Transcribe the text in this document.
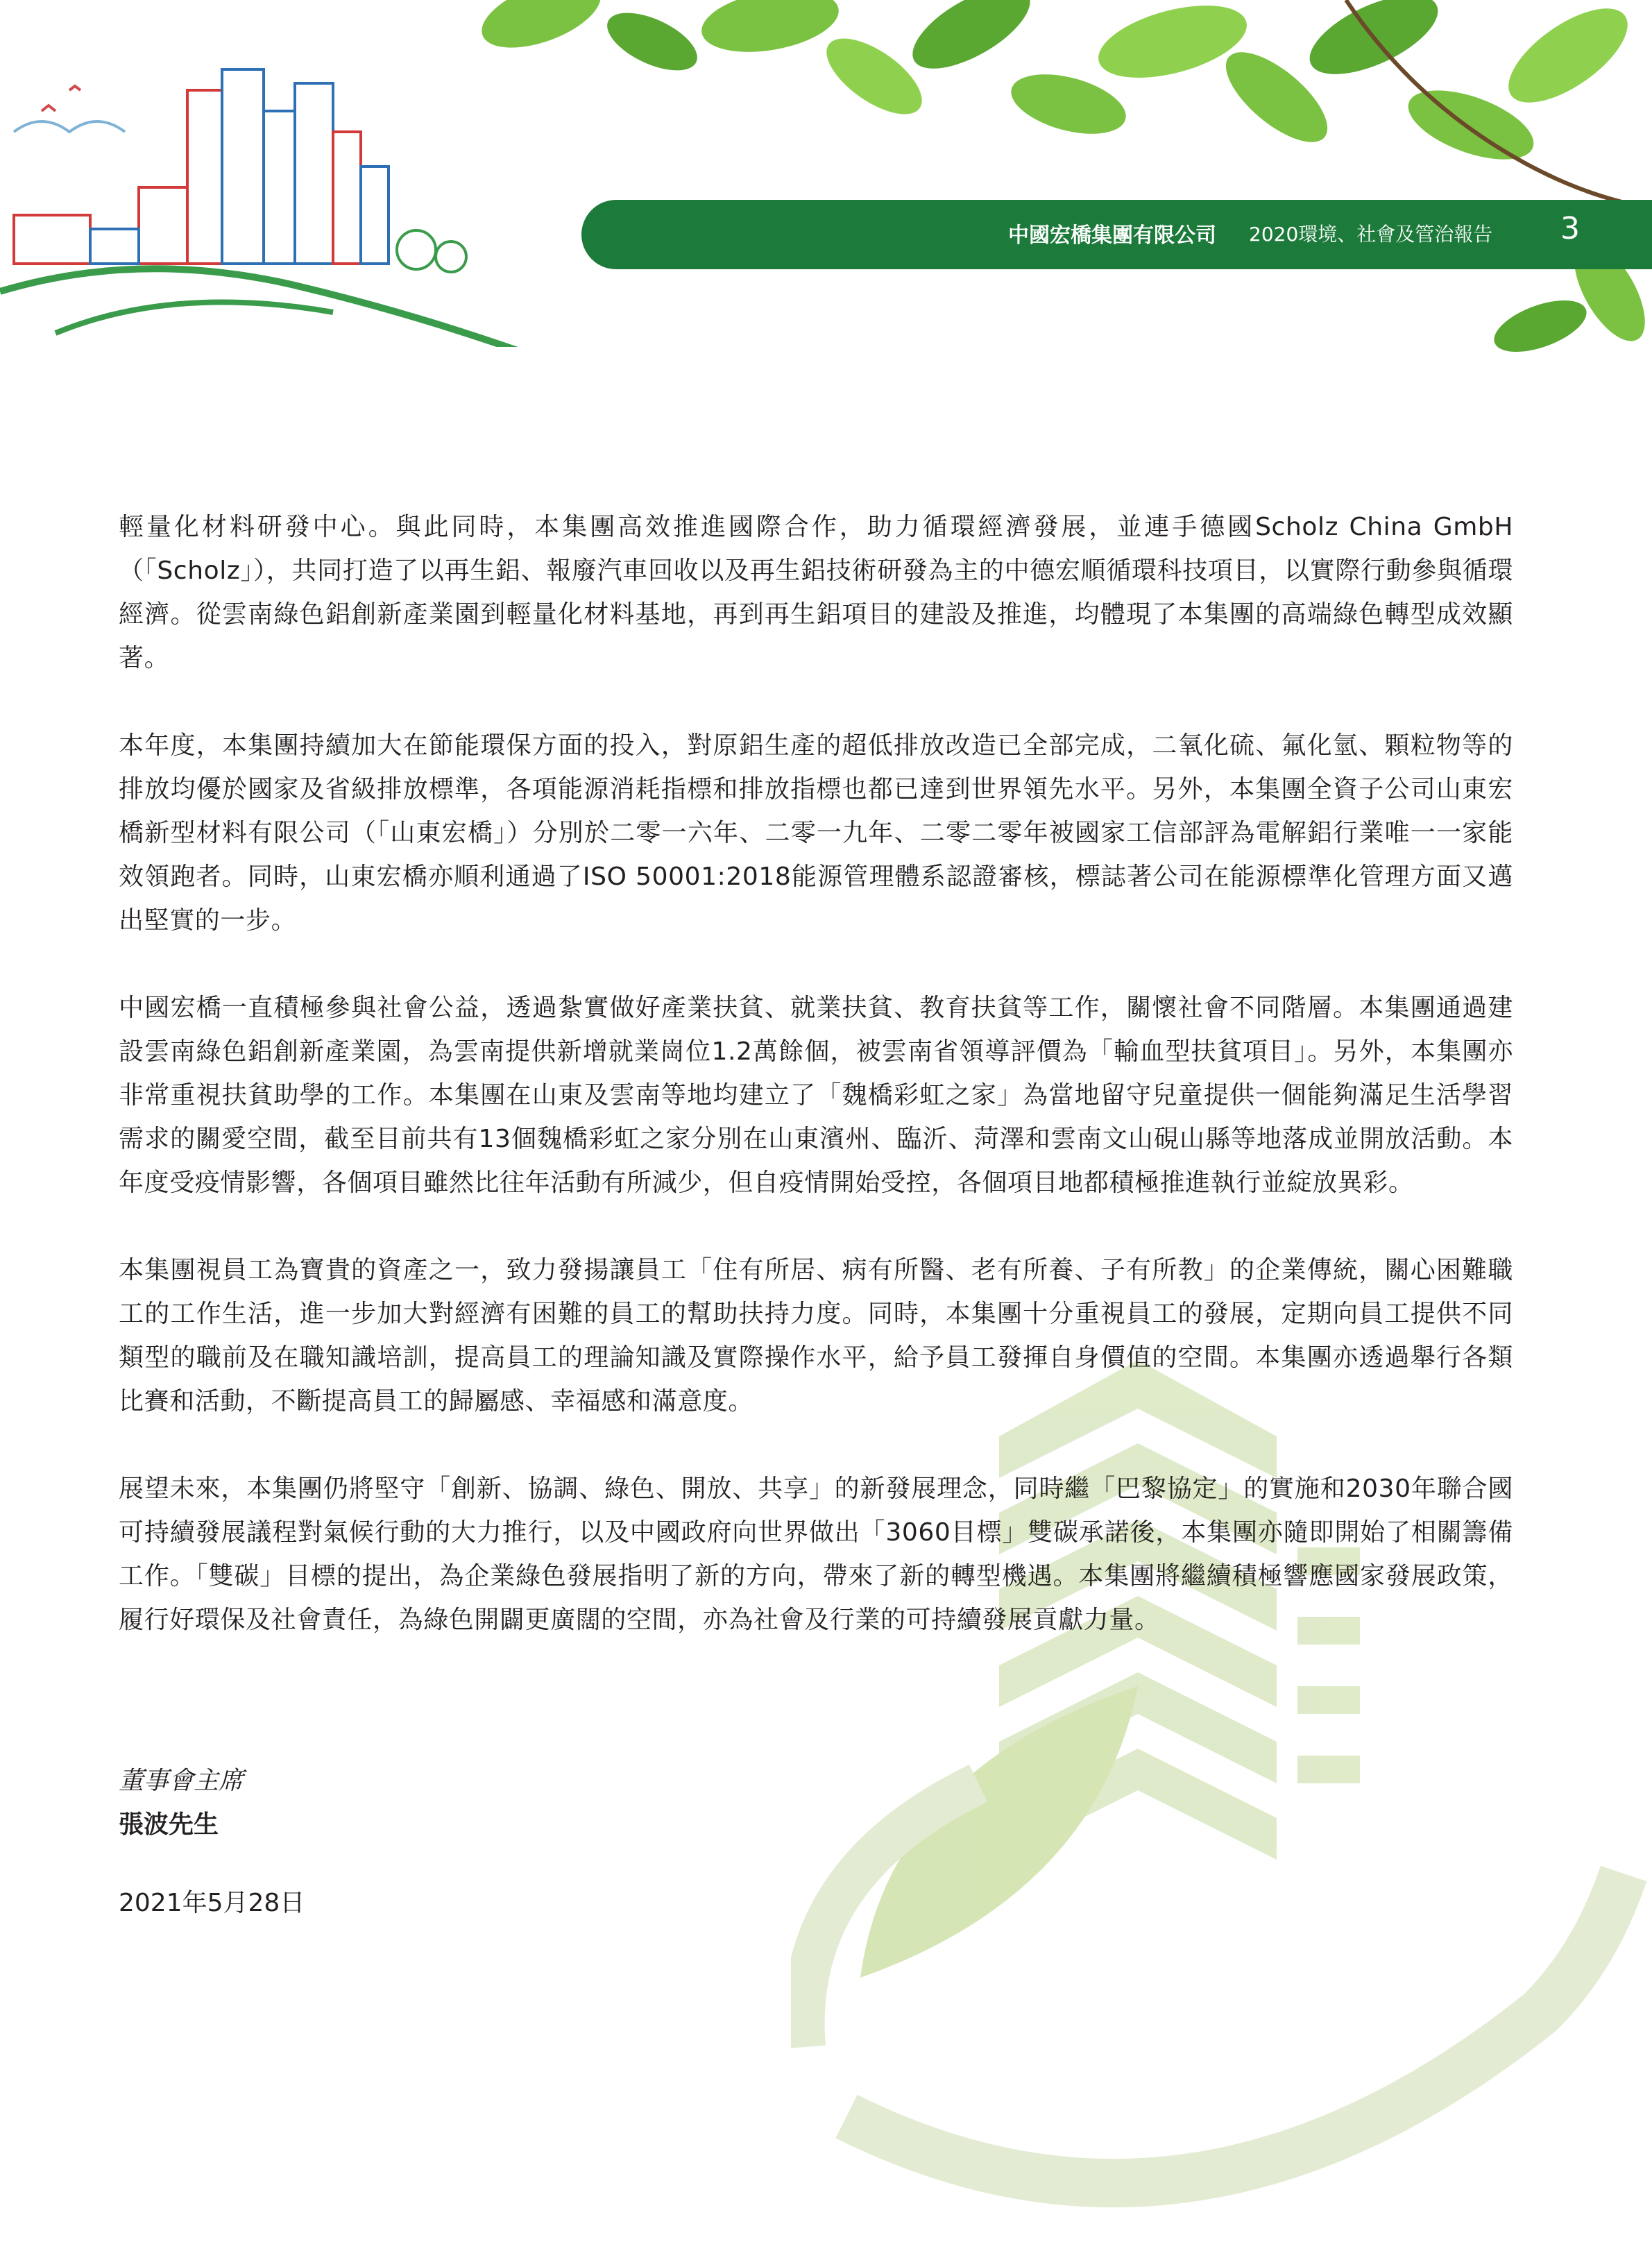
中國宏橋集團有限公司 2020環境、社會及管治報告 3

輕量化材料研發中心。與此同時，本集團高效推進國際合作，助力循環經濟發展，並連手德國Scholz China GmbH（「Scholz」），共同打造了以再生鋁、報廢汽車回收以及再生鋁技術研發為主的中德宏順循環科技項目，以實際行動參與循環經濟。從雲南綠色鋁創新產業園到輕量化材料基地，再到再生鋁項目的建設及推進，均體現了本集團的高端綠色轉型成效顯著。

本年度，本集團持續加大在節能環保方面的投入，對原鋁生產的超低排放改造已全部完成，二氧化硫、氟化氫、顆粒物等的排放均優於國家及省級排放標準，各項能源消耗指標和排放指標也都已達到世界領先水平。另外，本集團全資子公司山東宏橋新型材料有限公司（「山東宏橋」）分別於二零一六年、二零一九年、二零二零年被國家工信部評為電解鋁行業唯一一家能效領跑者。同時，山東宏橋亦順利通過了ISO 50001:2018能源管理體系認證審核，標誌著公司在能源標準化管理方面又邁出堅實的一步。

中國宏橋一直積極參與社會公益，透過紮實做好產業扶貧、就業扶貧、教育扶貧等工作，關懷社會不同階層。本集團通過建設雲南綠色鋁創新產業園，為雲南提供新增就業崗位1.2萬餘個，被雲南省領導評價為「輸血型扶貧項目」。另外，本集團亦非常重視扶貧助學的工作。本集團在山東及雲南等地均建立了「魏橋彩虹之家」為當地留守兒童提供一個能夠滿足生活學習需求的關愛空間，截至目前共有13個魏橋彩虹之家分別在山東濱州、臨沂、菏澤和雲南文山硯山縣等地落成並開放活動。本年度受疫情影響，各個項目雖然比往年活動有所減少，但自疫情開始受控，各個項目地都積極推進執行並綻放異彩。

本集團視員工為寶貴的資產之一，致力發揚讓員工「住有所居、病有所醫、老有所養、子有所教」的企業傳統，關心困難職工的工作生活，進一步加大對經濟有困難的員工的幫助扶持力度。同時，本集團十分重視員工的發展，定期向員工提供不同類型的職前及在職知識培訓，提高員工的理論知識及實際操作水平，給予員工發揮自身價值的空間。本集團亦透過舉行各類比賽和活動，不斷提高員工的歸屬感、幸福感和滿意度。

展望未來，本集團仍將堅守「創新、協調、綠色、開放、共享」的新發展理念，同時繼「巴黎協定」的實施和2030年聯合國可持續發展議程對氣候行動的大力推行，以及中國政府向世界做出「3060目標」雙碳承諾後，本集團亦隨即開始了相關籌備工作。「雙碳」目標的提出，為企業綠色發展指明了新的方向，帶來了新的轉型機遇。本集團將繼續積極響應國家發展政策，履行好環保及社會責任，為綠色開闢更廣闊的空間，亦為社會及行業的可持續發展貢獻力量。

董事會主席
張波先生
2021年5月28日
